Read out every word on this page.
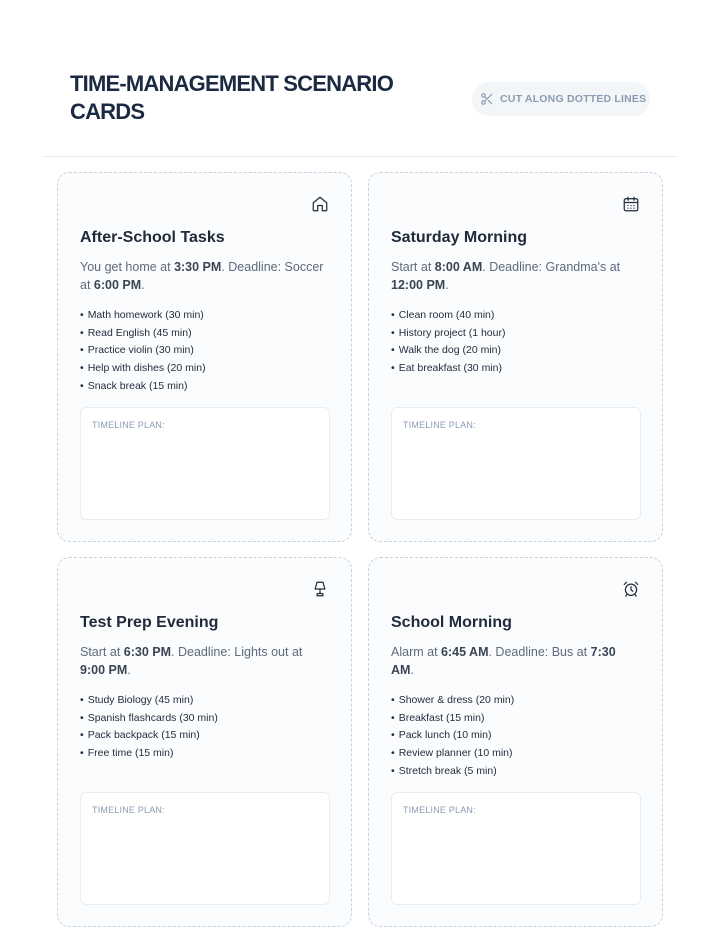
TIME-MANAGEMENT SCENARIO CARDS	CUT ALONG DOTTED LINES
After-School Tasks
You get home at 3:30 PM. Deadline: Soccer at 6:00 PM.
• Math homework (30 min)
• Read English (45 min)
• Practice violin (30 min)
• Help with dishes (20 min)
• Snack break (15 min)
TIMELINE PLAN:
Saturday Morning
Start at 8:00 AM. Deadline: Grandma's at 12:00 PM.
• Clean room (40 min)
• History project (1 hour)
• Walk the dog (20 min)
• Eat breakfast (30 min)
TIMELINE PLAN:
Test Prep Evening
Start at 6:30 PM. Deadline: Lights out at 9:00 PM.
• Study Biology (45 min)
• Spanish flashcards (30 min)
• Pack backpack (15 min)
• Free time (15 min)
TIMELINE PLAN:
School Morning
Alarm at 6:45 AM. Deadline: Bus at 7:30 AM.
• Shower & dress (20 min)
• Breakfast (15 min)
• Pack lunch (10 min)
• Review planner (10 min)
• Stretch break (5 min)
TIMELINE PLAN:
